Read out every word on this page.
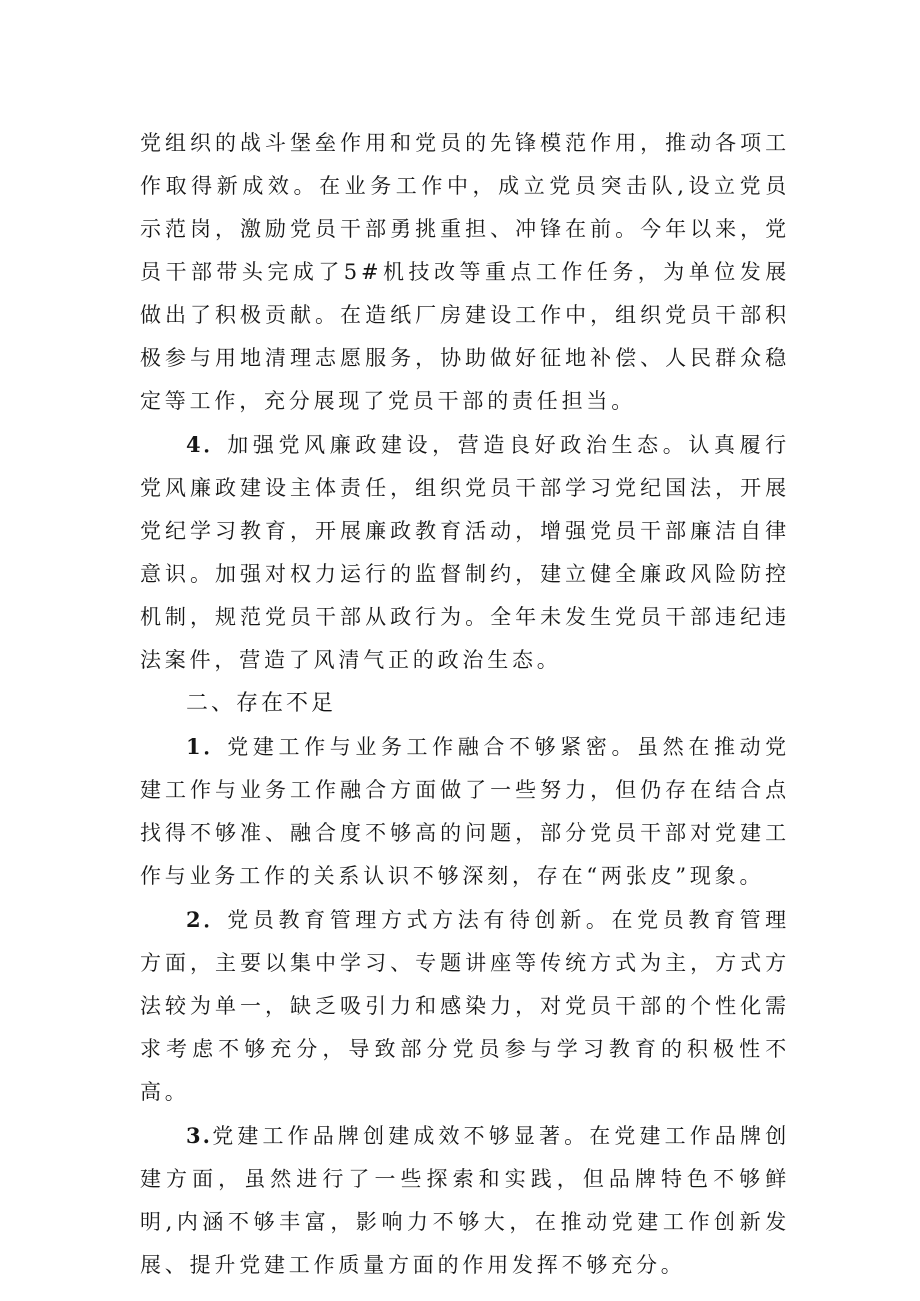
党组织的战斗堡垒作用和党员的先锋模范作用，推动各项工作取得新成效。在业务工作中，成立党员突击队,设立党员示范岗，激励党员干部勇挑重担、冲锋在前。今年以来，党员干部带头完成了5#机技改等重点工作任务，为单位发展做出了积极贡献。在造纸厂房建设工作中，组织党员干部积极参与用地清理志愿服务，协助做好征地补偿、人民群众稳定等工作，充分展现了党员干部的责任担当。

4．加强党风廉政建设，营造良好政治生态。认真履行党风廉政建设主体责任，组织党员干部学习党纪国法，开展党纪学习教育，开展廉政教育活动，增强党员干部廉洁自律意识。加强对权力运行的监督制约，建立健全廉政风险防控机制，规范党员干部从政行为。全年未发生党员干部违纪违法案件，营造了风清气正的政治生态。

二、存在不足

1．党建工作与业务工作融合不够紧密。虽然在推动党建工作与业务工作融合方面做了一些努力，但仍存在结合点找得不够准、融合度不够高的问题，部分党员干部对党建工作与业务工作的关系认识不够深刻，存在“两张皮”现象。

2．党员教育管理方式方法有待创新。在党员教育管理方面，主要以集中学习、专题讲座等传统方式为主，方式方法较为单一，缺乏吸引力和感染力，对党员干部的个性化需求考虑不够充分，导致部分党员参与学习教育的积极性不高。

3.党建工作品牌创建成效不够显著。在党建工作品牌创建方面，虽然进行了一些探索和实践，但品牌特色不够鲜明,内涵不够丰富，影响力不够大，在推动党建工作创新发展、提升党建工作质量方面的作用发挥不够充分。
